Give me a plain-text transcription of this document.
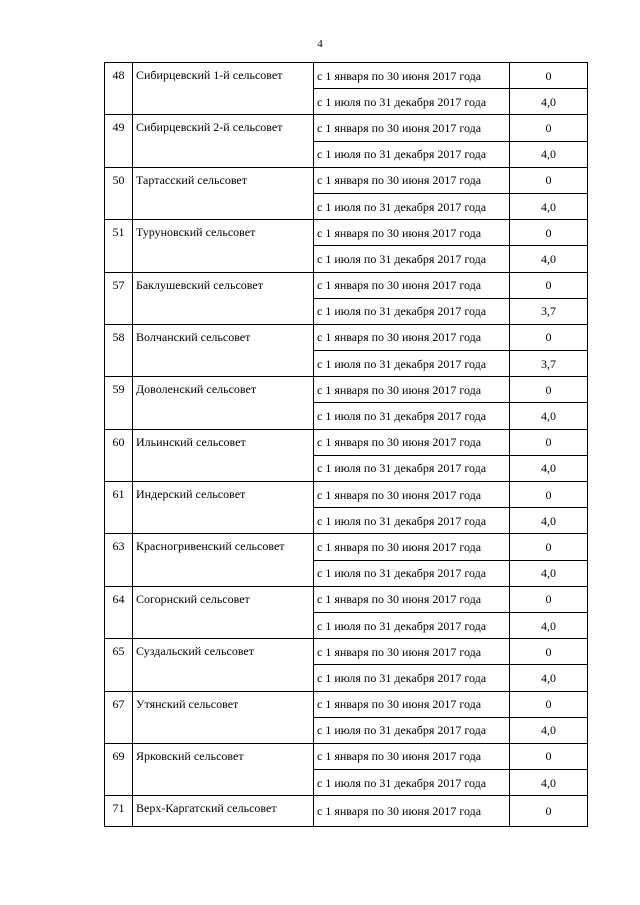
4
48	Сибирцевский 1-й сельсовет	с 1 января по 30 июня 2017 года	0
		с 1 июля по 31 декабря 2017 года	4,0
49	Сибирцевский 2-й сельсовет	с 1 января по 30 июня 2017 года	0
		с 1 июля по 31 декабря 2017 года	4,0
50	Тартасский сельсовет	с 1 января по 30 июня 2017 года	0
		с 1 июля по 31 декабря 2017 года	4,0
51	Туруновский сельсовет	с 1 января по 30 июня 2017 года	0
		с 1 июля по 31 декабря 2017 года	4,0
57	Баклушевский сельсовет	с 1 января по 30 июня 2017 года	0
		с 1 июля по 31 декабря 2017 года	3,7
58	Волчанский сельсовет	с 1 января по 30 июня 2017 года	0
		с 1 июля по 31 декабря 2017 года	3,7
59	Доволенский сельсовет	с 1 января по 30 июня 2017 года	0
		с 1 июля по 31 декабря 2017 года	4,0
60	Ильинский сельсовет	с 1 января по 30 июня 2017 года	0
		с 1 июля по 31 декабря 2017 года	4,0
61	Индерский сельсовет	с 1 января по 30 июня 2017 года	0
		с 1 июля по 31 декабря 2017 года	4,0
63	Красногривенский сельсовет	с 1 января по 30 июня 2017 года	0
		с 1 июля по 31 декабря 2017 года	4,0
64	Согорнский сельсовет	с 1 января по 30 июня 2017 года	0
		с 1 июля по 31 декабря 2017 года	4,0
65	Суздальский сельсовет	с 1 января по 30 июня 2017 года	0
		с 1 июля по 31 декабря 2017 года	4,0
67	Утянский сельсовет	с 1 января по 30 июня 2017 года	0
		с 1 июля по 31 декабря 2017 года	4,0
69	Ярковский сельсовет	с 1 января по 30 июня 2017 года	0
		с 1 июля по 31 декабря 2017 года	4,0
71	Верх-Каргатский сельсовет	с 1 января по 30 июня 2017 года	0
